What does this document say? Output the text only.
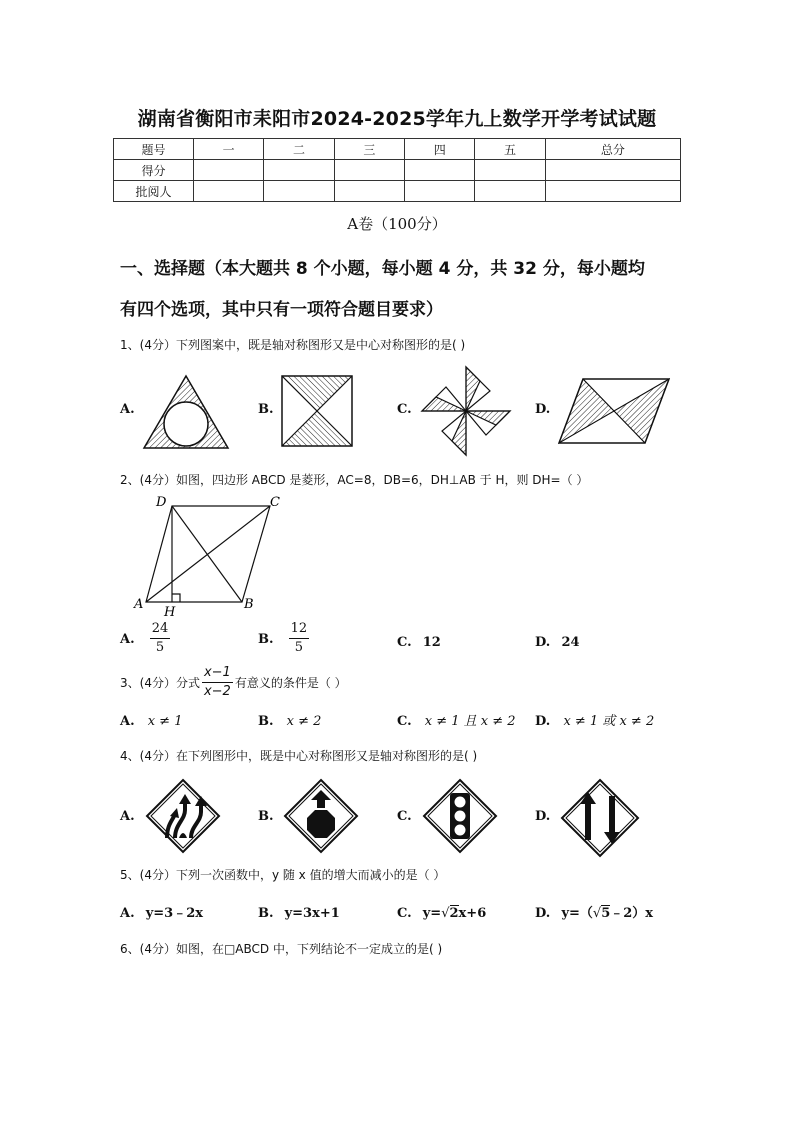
湖南省衡阳市耒阳市2024-2025学年九上数学开学考试试题
题号	一	二	三	四	五	总分
得分						
批阅人						
A卷（100分）
一、选择题（本大题共 8 个小题，每小题 4 分，共 32 分，每小题均
有四个选项，其中只有一项符合题目要求）
1、(4分）下列图案中，既是轴对称图形又是中心对称图形的是( )
A.	B.	C.	D.
2、(4分）如图，四边形 ABCD 是菱形，AC=8，DB=6，DH⊥AB 于 H，则 DH=（ ）
D	C
A	B
H
A. $\frac{24}{5}$	B. $\frac{12}{5}$	C. 12	D. 24
3、(4分）分式 $\frac{x-1}{x-2}$ 有意义的条件是（ ）
A. x ≠ 1	B. x ≠ 2	C. x ≠ 1 且 x ≠ 2 D. x ≠ 1 或 x ≠ 2
4、(4分）在下列图形中，既是中心对称图形又是轴对称图形的是( )
A.	B.	C.	D.
5、(4分）下列一次函数中，y 随 x 值的增大而减小的是（ ）
A. y=3﹣2x	B. y=3x+1	C. y=√2x+6	D. y=（√5﹣2）x
6、(4分）如图，在□ABCD 中，下列结论不一定成立的是( )
